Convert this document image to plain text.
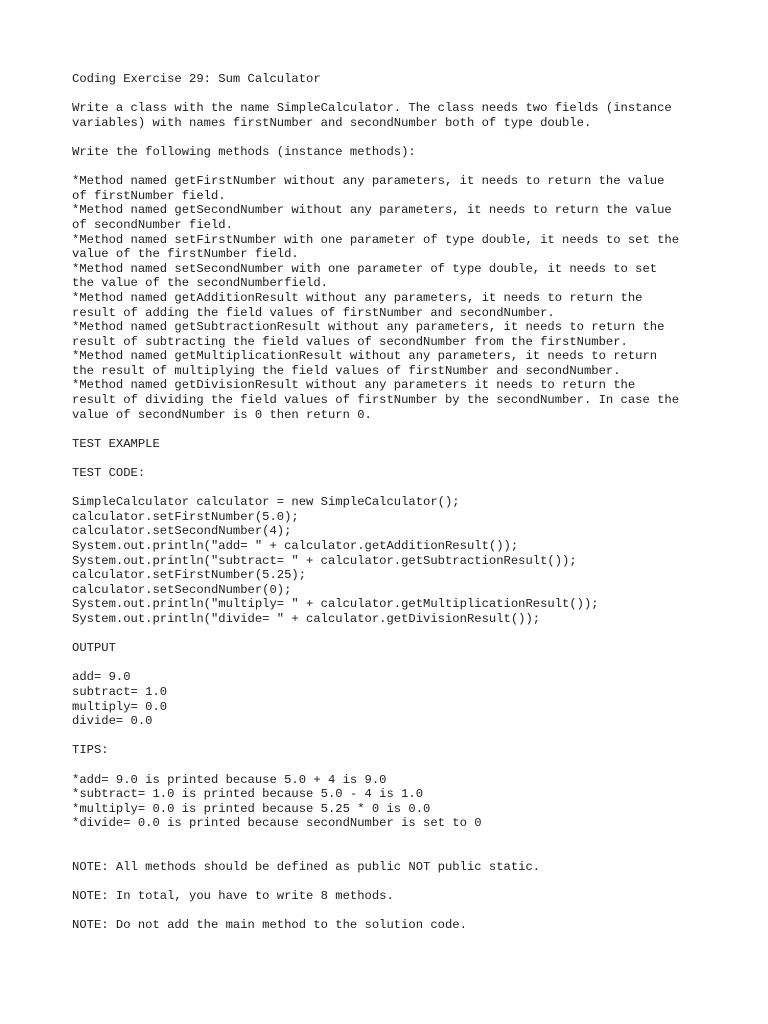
Coding Exercise 29: Sum Calculator
Write a class with the name SimpleCalculator. The class needs two fields (instance
variables) with names firstNumber and secondNumber both of type double.
Write the following methods (instance methods):
*Method named getFirstNumber without any parameters, it needs to return the value
of firstNumber field.
*Method named getSecondNumber without any parameters, it needs to return the value
of secondNumber field.
*Method named setFirstNumber with one parameter of type double, it needs to set the
value of the firstNumber field.
*Method named setSecondNumber with one parameter of type double, it needs to set
the value of the secondNumberfield.
*Method named getAdditionResult without any parameters, it needs to return the
result of adding the field values of firstNumber and secondNumber.
*Method named getSubtractionResult without any parameters, it needs to return the
result of subtracting the field values of secondNumber from the firstNumber.
*Method named getMultiplicationResult without any parameters, it needs to return
the result of multiplying the field values of firstNumber and secondNumber.
*Method named getDivisionResult without any parameters it needs to return the
result of dividing the field values of firstNumber by the secondNumber. In case the
value of secondNumber is 0 then return 0.
TEST EXAMPLE
TEST CODE:
SimpleCalculator calculator = new SimpleCalculator();
calculator.setFirstNumber(5.0);
calculator.setSecondNumber(4);
System.out.println("add= " + calculator.getAdditionResult());
System.out.println("subtract= " + calculator.getSubtractionResult());
calculator.setFirstNumber(5.25);
calculator.setSecondNumber(0);
System.out.println("multiply= " + calculator.getMultiplicationResult());
System.out.println("divide= " + calculator.getDivisionResult());
OUTPUT
add= 9.0
subtract= 1.0
multiply= 0.0
divide= 0.0
TIPS:
*add= 9.0 is printed because 5.0 + 4 is 9.0
*subtract= 1.0 is printed because 5.0 - 4 is 1.0
*multiply= 0.0 is printed because 5.25 * 0 is 0.0
*divide= 0.0 is printed because secondNumber is set to 0
NOTE: All methods should be defined as public NOT public static.
NOTE: In total, you have to write 8 methods.
NOTE: Do not add the main method to the solution code.
